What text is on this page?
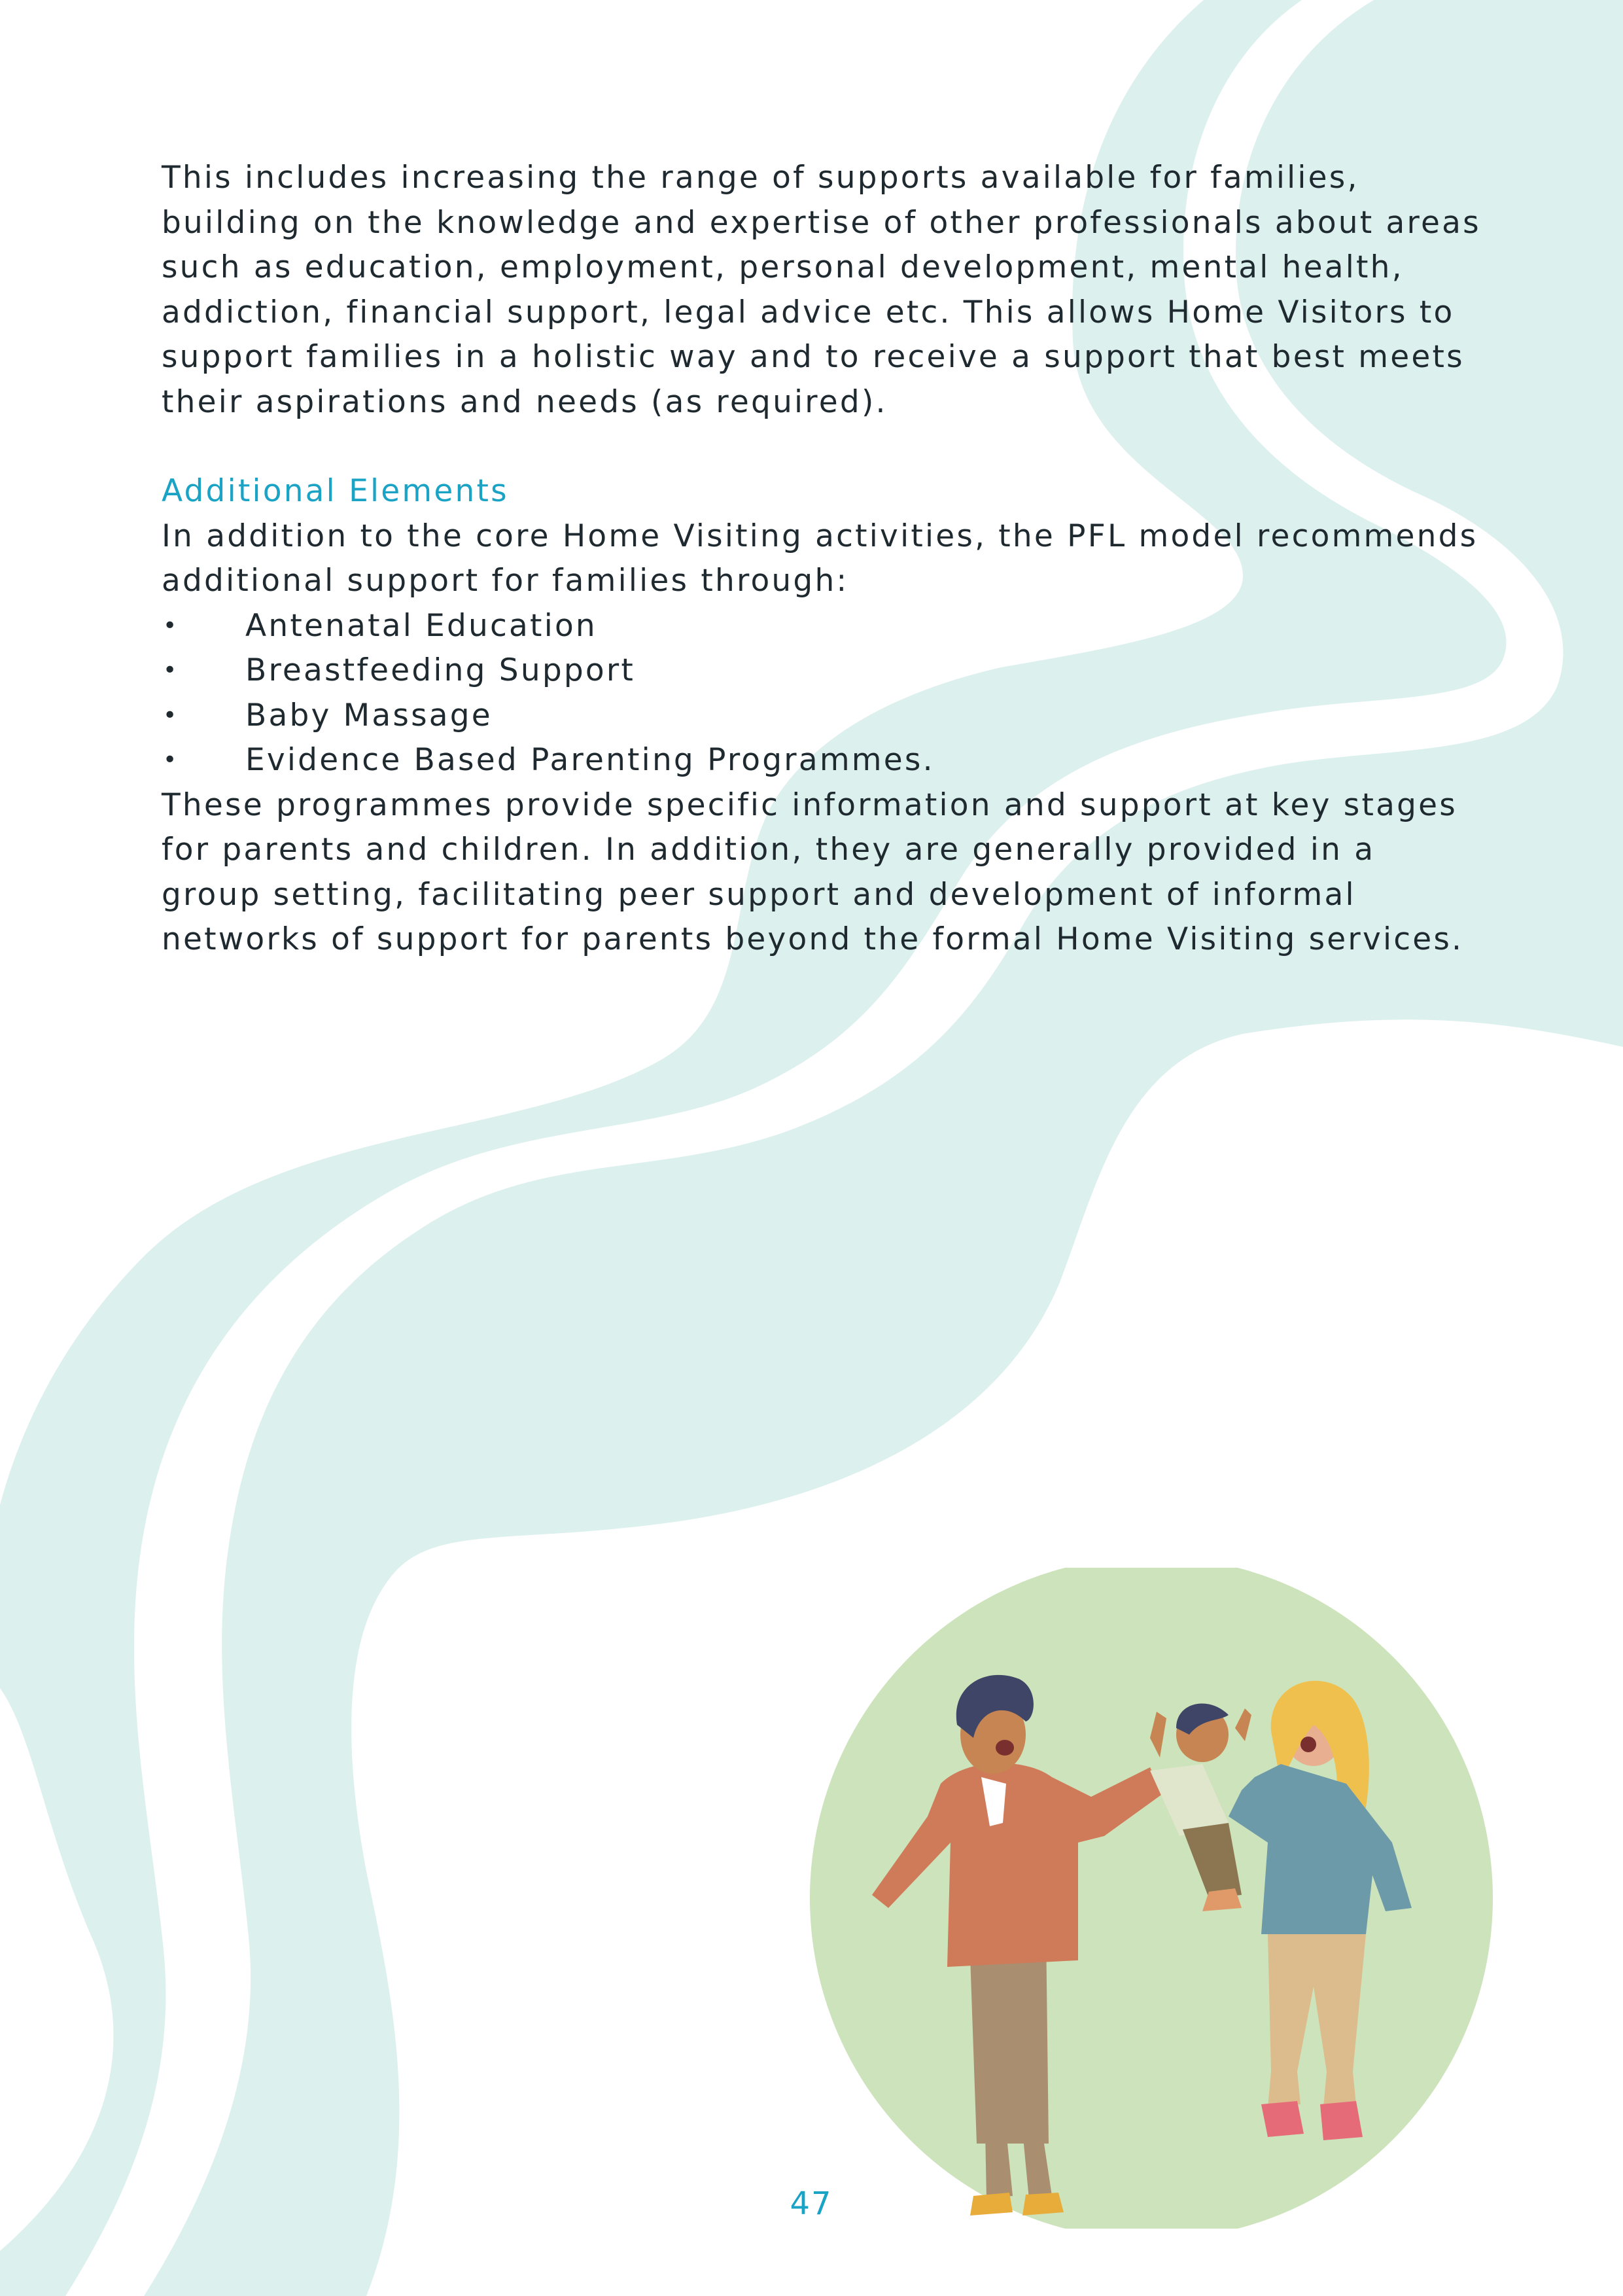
This includes increasing the range of supports available for families, building on the knowledge and expertise of other professionals about areas such as education, employment, personal development, mental health, addiction, financial support, legal advice etc. This allows Home Visitors to support families in a holistic way and to receive a support that best meets their aspirations and needs (as required).

Additional Elements

In addition to the core Home Visiting activities, the PFL model recommends additional support for families through:

• Antenatal Education
• Breastfeeding Support
• Baby Massage
• Evidence Based Parenting Programmes.

These programmes provide specific information and support at key stages for parents and children. In addition, they are generally provided in a group setting, facilitating peer support and development of informal networks of support for parents beyond the formal Home Visiting services.

47
